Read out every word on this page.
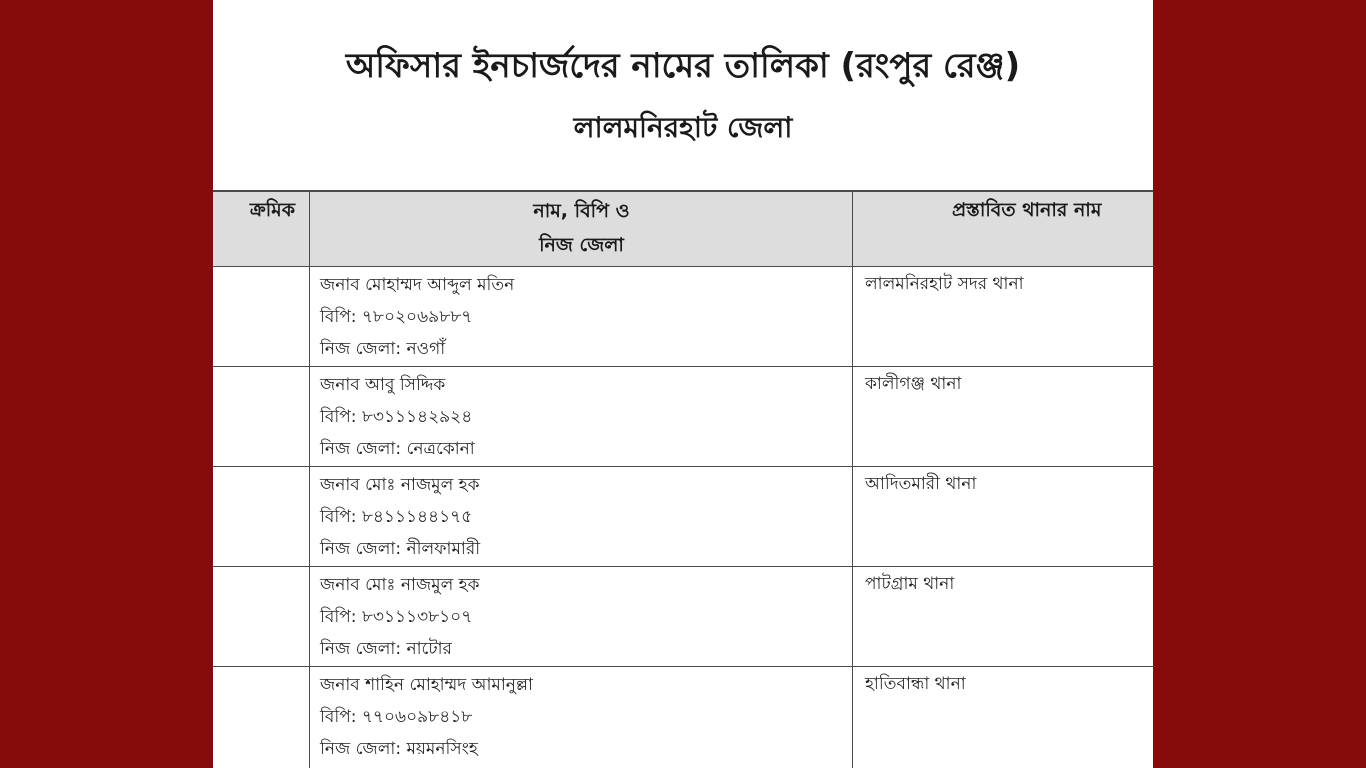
অফিসার ইনচার্জদের নামের তালিকা (রংপুর রেঞ্জ)
লালমনিরহাট জেলা
ক্রমিক	নাম, বিপি ও
নিজ জেলা
প্রস্তাবিত থানার নাম
জনাব মোহাম্মদ আব্দুল মতিন
বিপি: ৭৮০২০৬৯৮৮৭
নিজ জেলা: নওগাঁ
লালমনিরহাট সদর থানা
জনাব আবু সিদ্দিক
বিপি: ৮৩১১১৪২৯২৪
নিজ জেলা: নেত্রকোনা
কালীগঞ্জ থানা
জনাব মোঃ নাজমুল হক
বিপি: ৮৪১১১৪৪১৭৫
নিজ জেলা: নীলফামারী
আদিতমারী থানা
জনাব মোঃ নাজমুল হক
বিপি: ৮৩১১১৩৮১০৭
নিজ জেলা: নাটোর
পাটগ্রাম থানা
জনাব শাহিন মোহাম্মদ আমানুল্লা
বিপি: ৭৭০৬০৯৮৪১৮
নিজ জেলা: ময়মনসিংহ
হাতিবান্ধা থানা
